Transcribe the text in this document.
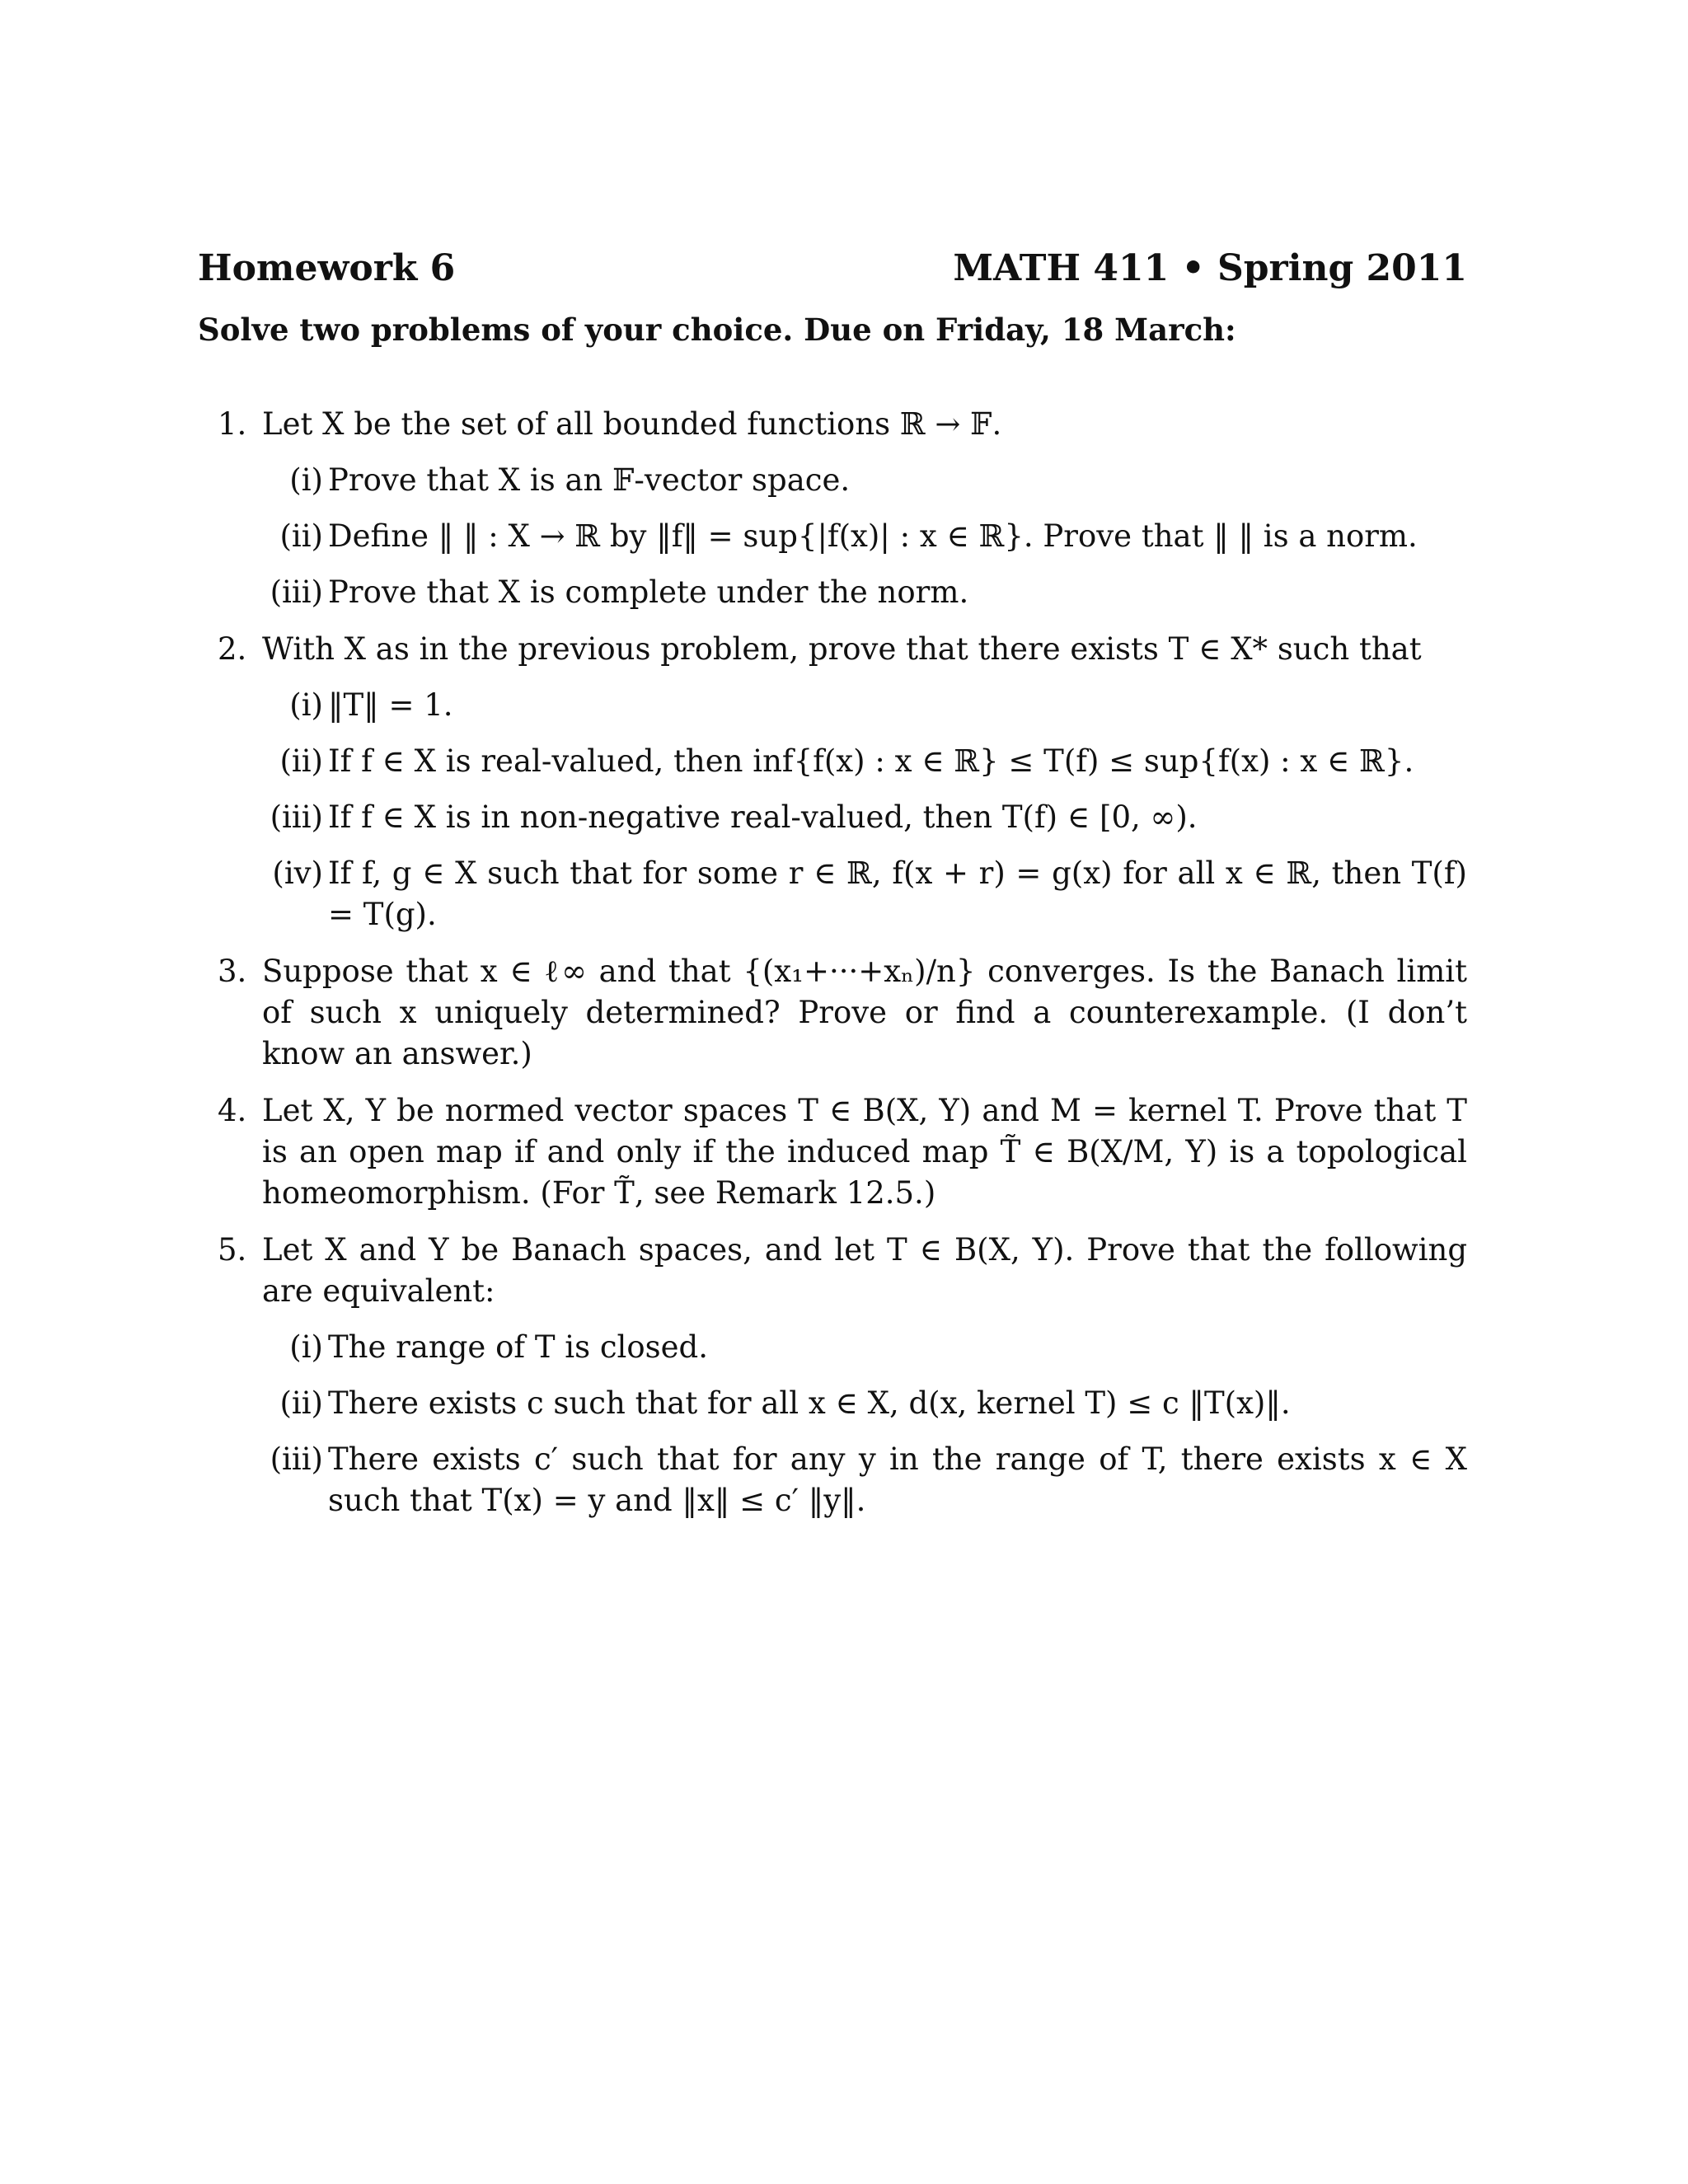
Homework 6	MATH 411 • Spring 2011
Solve two problems of your choice. Due on Friday, 18 March:
1. Let X be the set of all bounded functions ℝ → 𝔽.
(i) Prove that X is an 𝔽-vector space.
(ii) Define ‖ ‖ : X → ℝ by ‖f‖ = sup{|f(x)| : x ∈ ℝ}. Prove that ‖ ‖ is a norm.
(iii) Prove that X is complete under the norm.
2. With X as in the previous problem, prove that there exists T ∈ X* such that
(i) ‖T‖ = 1.
(ii) If f ∈ X is real-valued, then inf{f(x) : x ∈ ℝ} ≤ T(f) ≤ sup{f(x) : x ∈ ℝ}.
(iii) If f ∈ X is in non-negative real-valued, then T(f) ∈ [0, ∞).
(iv) If f, g ∈ X such that for some r ∈ ℝ, f(x + r) = g(x) for all x ∈ ℝ, then T(f) = T(g).
3. Suppose that x ∈ ℓ∞ and that {(x₁+···+xₙ)/n} converges. Is the Banach limit of such x uniquely determined? Prove or find a counterexample. (I don’t know an answer.)
4. Let X, Y be normed vector spaces T ∈ B(X, Y) and M = kernel T. Prove that T is an open map if and only if the induced map T̃ ∈ B(X/M, Y) is a topological homeomorphism. (For T̃, see Remark 12.5.)
5. Let X and Y be Banach spaces, and let T ∈ B(X, Y). Prove that the following are equivalent:
(i) The range of T is closed.
(ii) There exists c such that for all x ∈ X, d(x, kernel T) ≤ c ‖T(x)‖.
(iii) There exists c′ such that for any y in the range of T, there exists x ∈ X such that T(x) = y and ‖x‖ ≤ c′ ‖y‖.
